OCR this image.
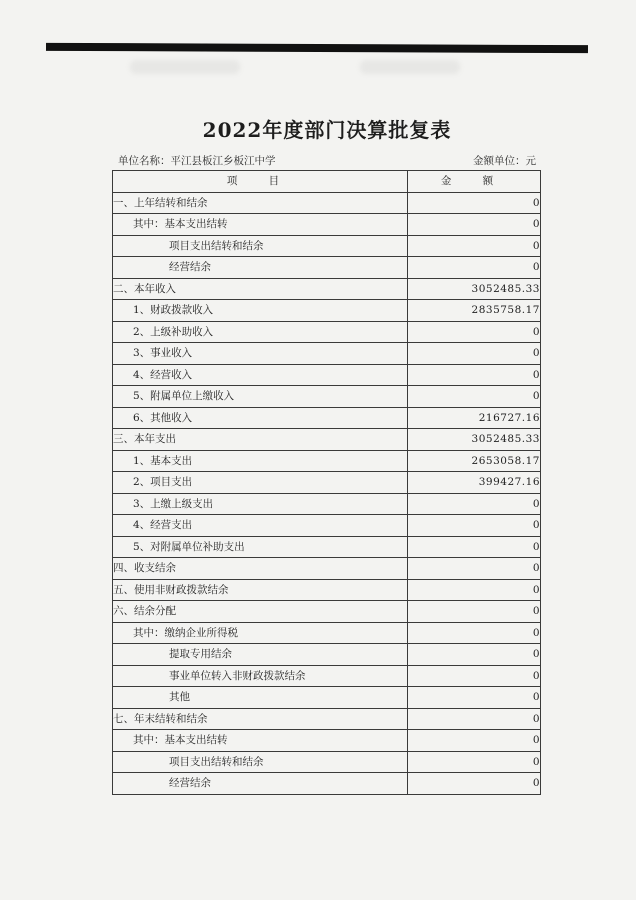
2022年度部门决算批复表
单位名称：平江县板江乡板江中学	金额单位：元
项 目	金 额
一、上年结转和结余	0
其中：基本支出结转	0
项目支出结转和结余	0
经营结余	0
二、本年收入	3052485.33
1、财政拨款收入	2835758.17
2、上级补助收入	0
3、事业收入	0
4、经营收入	0
5、附属单位上缴收入	0
6、其他收入	216727.16
三、本年支出	3052485.33
1、基本支出	2653058.17
2、项目支出	399427.16
3、上缴上级支出	0
4、经营支出	0
5、对附属单位补助支出	0
四、收支结余	0
五、使用非财政拨款结余	0
六、结余分配	0
其中：缴纳企业所得税	0
提取专用结余	0
事业单位转入非财政拨款结余	0
其他	0
七、年末结转和结余	0
其中：基本支出结转	0
项目支出结转和结余	0
经营结余	0
